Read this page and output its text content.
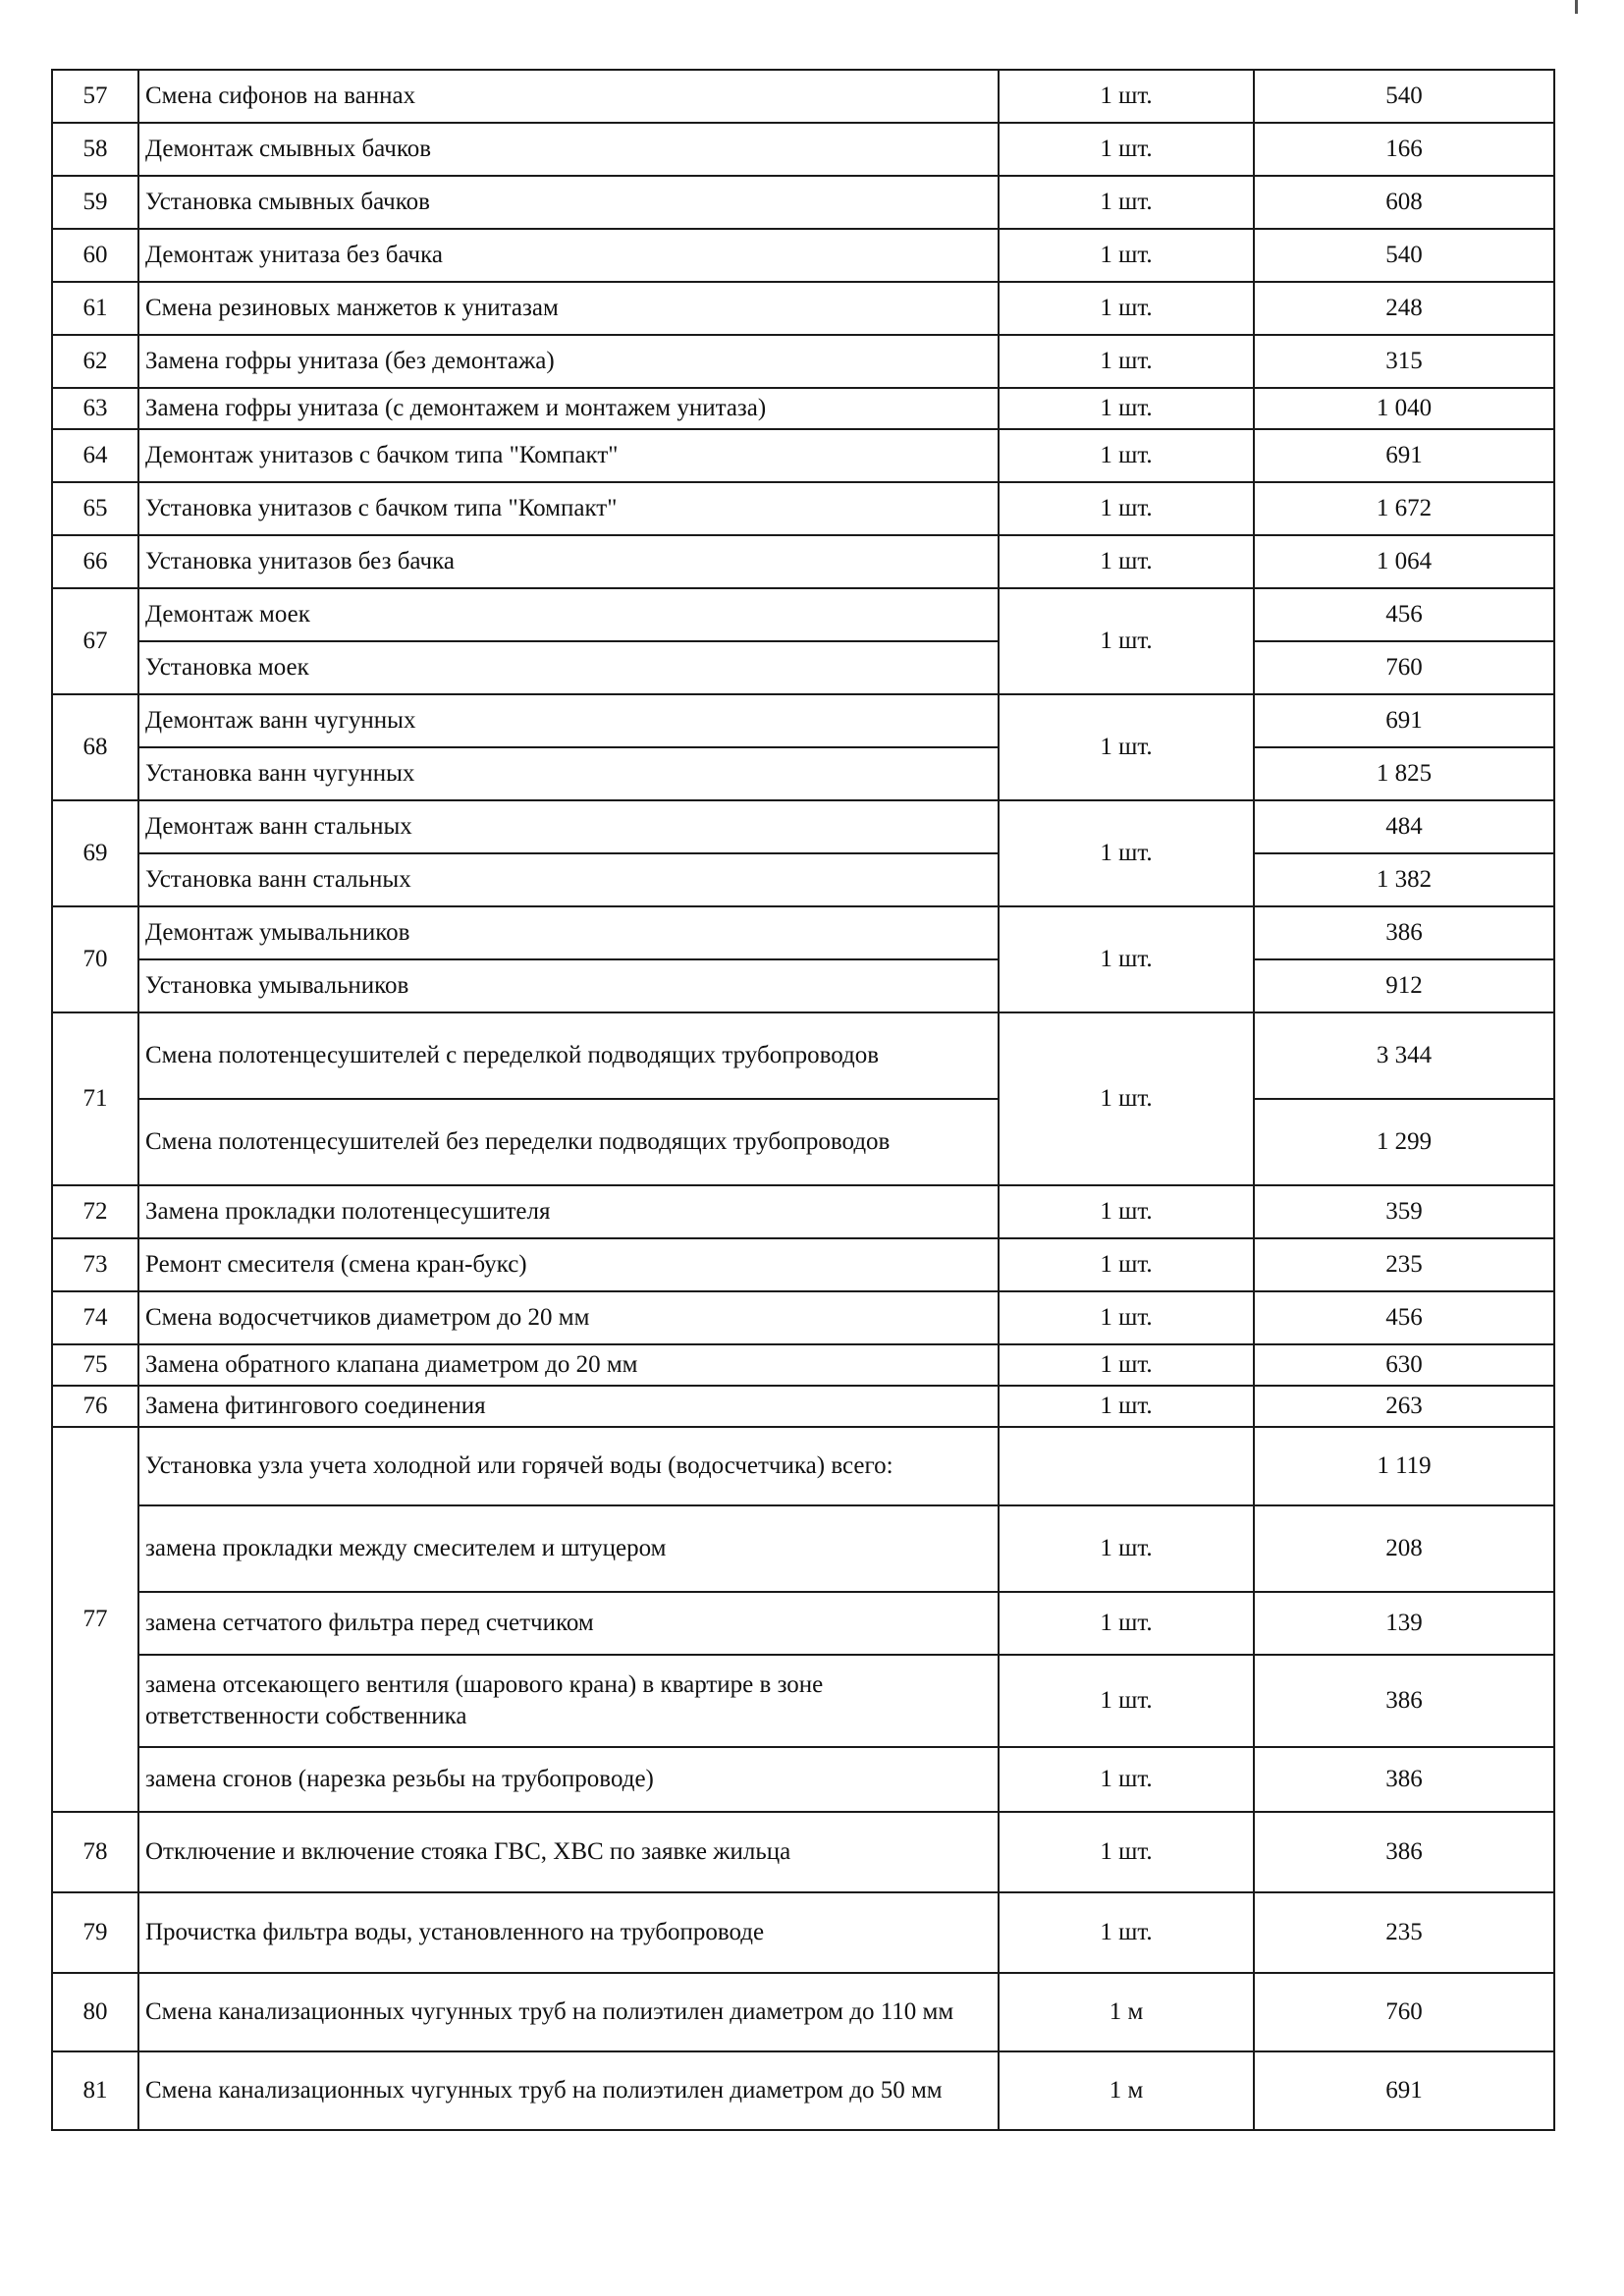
57	Смена сифонов на ваннах	1 шт.	540
58	Демонтаж смывных бачков	1 шт.	166
59	Установка смывных бачков	1 шт.	608
60	Демонтаж унитаза без бачка	1 шт.	540
61	Смена резиновых манжетов к унитазам	1 шт.	248
62	Замена гофры унитаза (без демонтажа)	1 шт.	315
63	Замена гофры унитаза (с демонтажем и монтажем унитаза)	1 шт.	1 040
64	Демонтаж унитазов с бачком типа "Компакт"	1 шт.	691
65	Установка унитазов с бачком типа "Компакт"	1 шт.	1 672
66	Установка унитазов без бачка	1 шт.	1 064
67	Демонтаж моек	1 шт.	456
	Установка моек		760
68	Демонтаж ванн чугунных	1 шт.	691
	Установка ванн чугунных		1 825
69	Демонтаж ванн стальных	1 шт.	484
	Установка ванн стальных		1 382
70	Демонтаж умывальников	1 шт.	386
	Установка умывальников		912
71	Смена полотенцесушителей с переделкой подводящих трубопроводов	1 шт.	3 344
	Смена полотенцесушителей без переделки подводящих трубопроводов		1 299
72	Замена прокладки полотенцесушителя	1 шт.	359
73	Ремонт смесителя (смена кран-букс)	1 шт.	235
74	Смена водосчетчиков диаметром до 20 мм	1 шт.	456
75	Замена обратного клапана диаметром до 20 мм	1 шт.	630
76	Замена фитингового соединения	1 шт.	263
77	Установка узла учета холодной или горячей воды (водосчетчика) всего:		1 119
	замена прокладки между смесителем и штуцером	1 шт.	208
	замена сетчатого фильтра перед счетчиком	1 шт.	139
	замена отсекающего вентиля (шарового крана) в квартире в зоне ответственности собственника	1 шт.	386
	замена сгонов (нарезка резьбы на трубопроводе)	1 шт.	386
78	Отключение и включение стояка ГВС, ХВС по заявке жильца	1 шт.	386
79	Прочистка фильтра воды, установленного на трубопроводе	1 шт.	235
80	Смена канализационных чугунных труб на полиэтилен диаметром до 110 мм	1 м	760
81	Смена канализационных чугунных труб на полиэтилен диаметром до 50 мм	1 м	691
